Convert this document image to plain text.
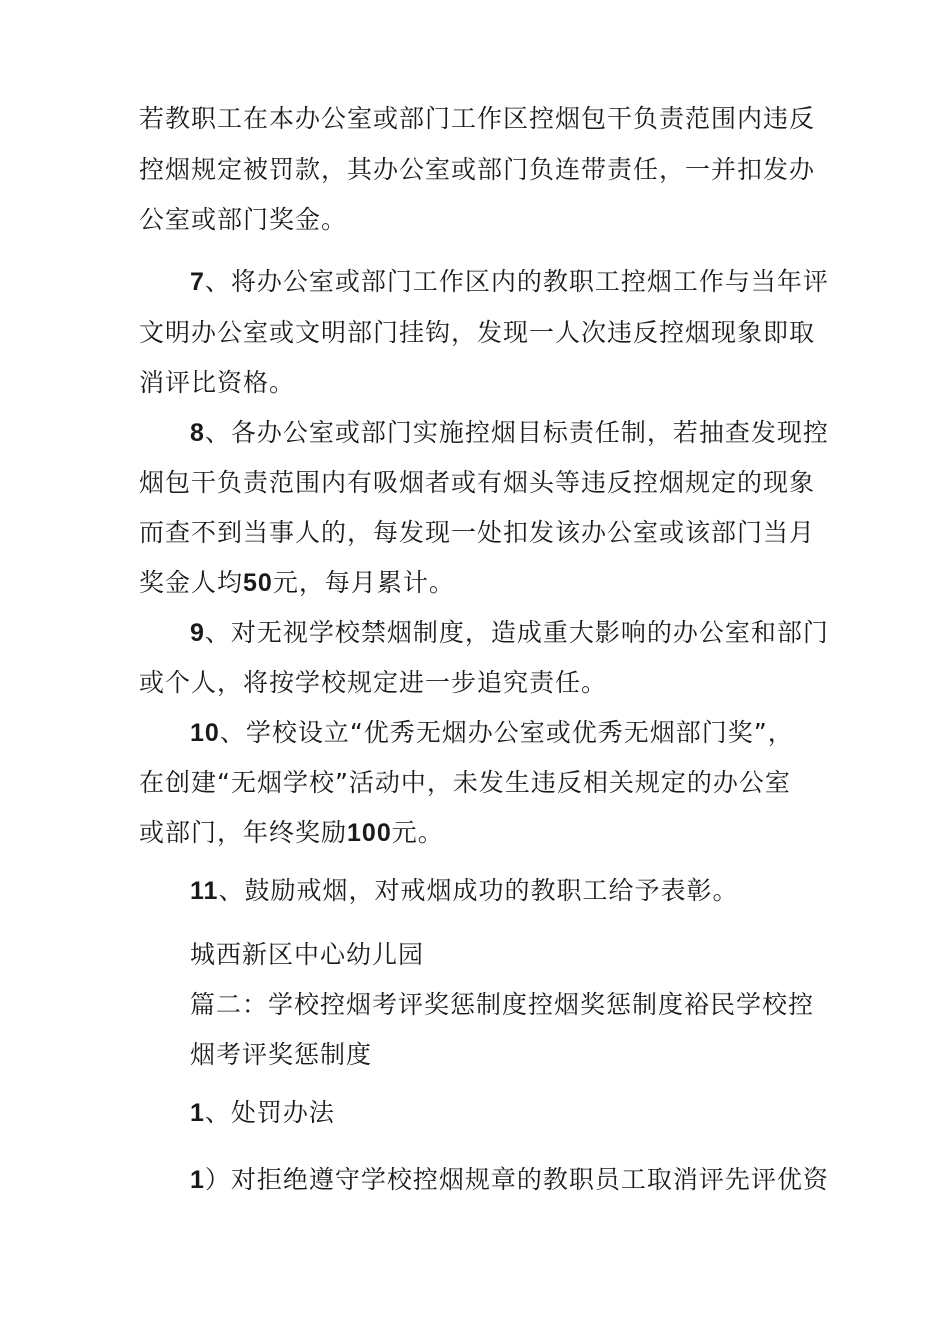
若教职工在本办公室或部门工作区控烟包干负责范围内违反
控烟规定被罚款，其办公室或部门负连带责任，一并扣发办
公室或部门奖金。
7、将办公室或部门工作区内的教职工控烟工作与当年评
文明办公室或文明部门挂钩，发现一人次违反控烟现象即取
消评比资格。
8、各办公室或部门实施控烟目标责任制，若抽查发现控
烟包干负责范围内有吸烟者或有烟头等违反控烟规定的现象
而查不到当事人的，每发现一处扣发该办公室或该部门当月
奖金人均50元，每月累计。
9、对无视学校禁烟制度，造成重大影响的办公室和部门
或个人，将按学校规定进一步追究责任。
10、学校设立“优秀无烟办公室或优秀无烟部门奖”，
在创建“无烟学校”活动中，未发生违反相关规定的办公室
或部门，年终奖励100元。
11、鼓励戒烟，对戒烟成功的教职工给予表彰。
城西新区中心幼儿园
篇二：学校控烟考评奖惩制度控烟奖惩制度裕民学校控
烟考评奖惩制度
1、处罚办法
1）对拒绝遵守学校控烟规章的教职员工取消评先评优资
